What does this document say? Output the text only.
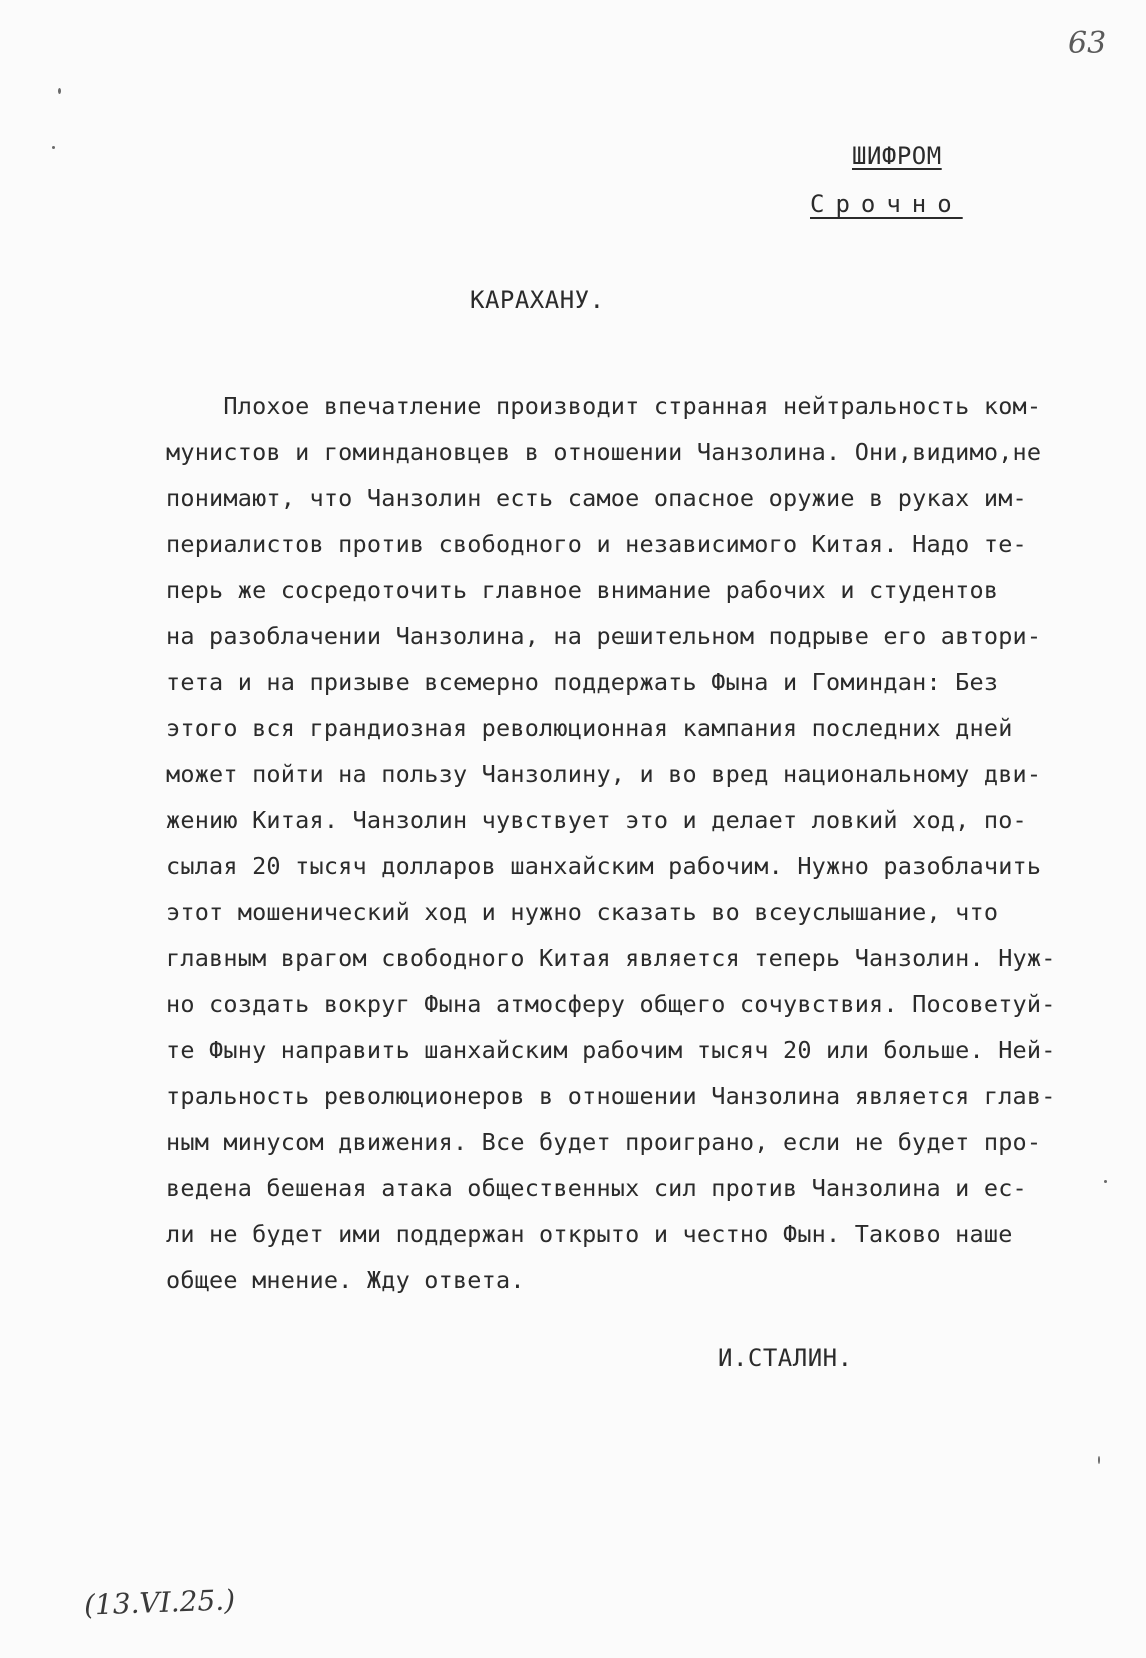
63
ШИФРОМ
Срочно
КАРАХАНУ.
Плохое впечатление производит странная нейтральность ком-
мунистов и гоминдановцев в отношении Чанзолина. Они,видимо,не
понимают, что Чанзолин есть самое опасное оружие в руках им-
периалистов против свободного и независимого Китая. Надо те-
перь же сосредоточить главное внимание рабочих и студентов
на разоблачении Чанзолина, на решительном подрыве его автори-
тета и на призыве всемерно поддержать Фына и Гоминдан: Без
этого вся грандиозная революционная кампания последних дней
может пойти на пользу Чанзолину, и во вред национальному дви-
жению Китая. Чанзолин чувствует это и делает ловкий ход, по-
сылая 20 тысяч долларов шанхайским рабочим. Нужно разоблачить
этот мошенический ход и нужно сказать во всеуслышание, что
главным врагом свободного Китая является теперь Чанзолин. Нуж-
но создать вокруг Фына атмосферу общего сочувствия. Посоветуй-
те Фыну направить шанхайским рабочим тысяч 20 или больше. Ней-
тральность революционеров в отношении Чанзолина является глав-
ным минусом движения. Все будет проиграно, если не будет про-
ведена бешеная атака общественных сил против Чанзолина и ес-
ли не будет ими поддержан открыто и честно Фын. Таково наше
общее мнение. Жду ответа.
И.СТАЛИН.
(13.VI.25.)
